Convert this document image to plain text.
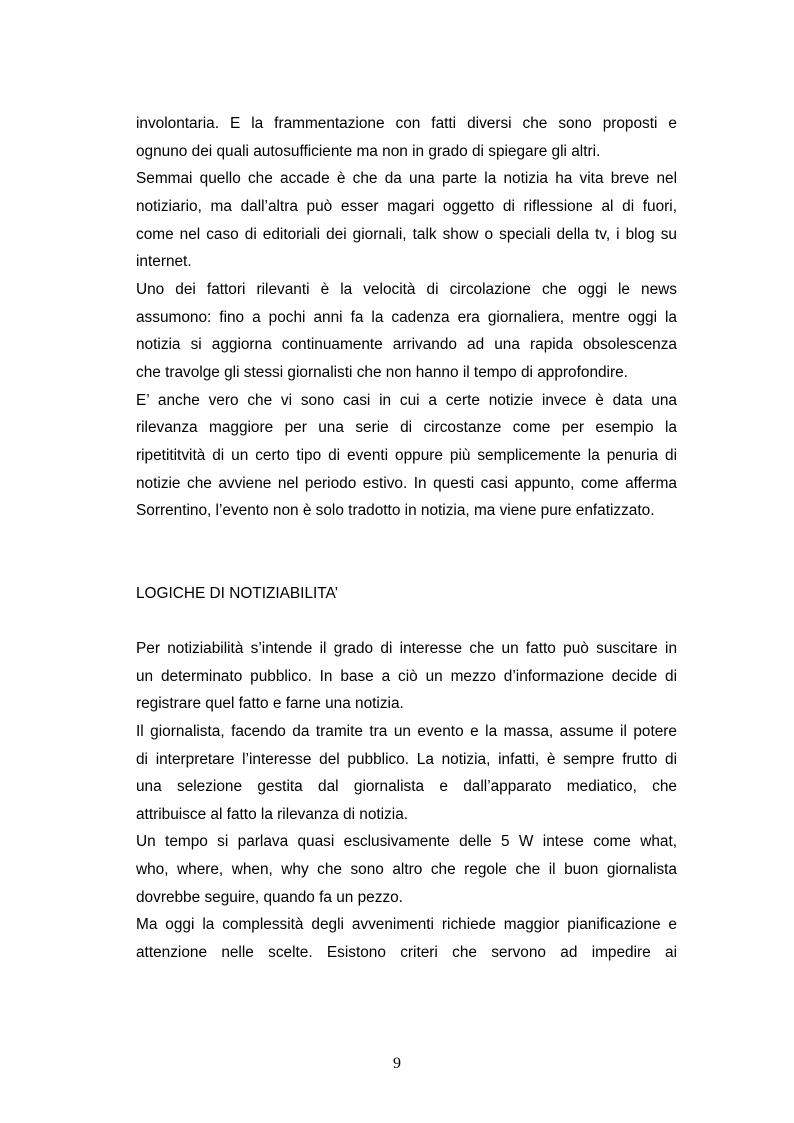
involontaria. E la frammentazione con fatti diversi che sono proposti e
ognuno dei quali autosufficiente ma non in grado di spiegare gli altri.
Semmai quello che accade è che da una parte la notizia ha vita breve nel
notiziario, ma dall’altra può esser magari oggetto di riflessione al di fuori,
come nel caso di editoriali dei giornali, talk show o speciali della tv, i blog su
internet.
Uno dei fattori rilevanti è la velocità di circolazione che oggi le news
assumono: fino a pochi anni fa la cadenza era giornaliera, mentre oggi la
notizia si aggiorna continuamente arrivando ad una rapida obsolescenza
che travolge gli stessi giornalisti che non hanno il tempo di approfondire.
E’ anche vero che vi sono casi in cui a certe notizie invece è data una
rilevanza maggiore per una serie di circostanze come per esempio la
ripetititvità di un certo tipo di eventi oppure più semplicemente la penuria di
notizie che avviene nel periodo estivo. In questi casi appunto, come afferma
Sorrentino, l’evento non è solo tradotto in notizia, ma viene pure enfatizzato.
LOGICHE DI NOTIZIABILITA’
Per notiziabilità s’intende il grado di interesse che un fatto può suscitare in
un determinato pubblico. In base a ciò un mezzo d’informazione decide di
registrare quel fatto e farne una notizia.
Il giornalista, facendo da tramite tra un evento e la massa, assume il potere
di interpretare l’interesse del pubblico. La notizia, infatti, è sempre frutto di
una selezione gestita dal giornalista e dall’apparato mediatico, che
attribuisce al fatto la rilevanza di notizia.
Un tempo si parlava quasi esclusivamente delle 5 W intese come what,
who, where, when, why che sono altro che regole che il buon giornalista
dovrebbe seguire, quando fa un pezzo.
Ma oggi la complessità degli avvenimenti richiede maggior pianificazione e
attenzione nelle scelte. Esistono criteri che servono ad impedire ai
9
